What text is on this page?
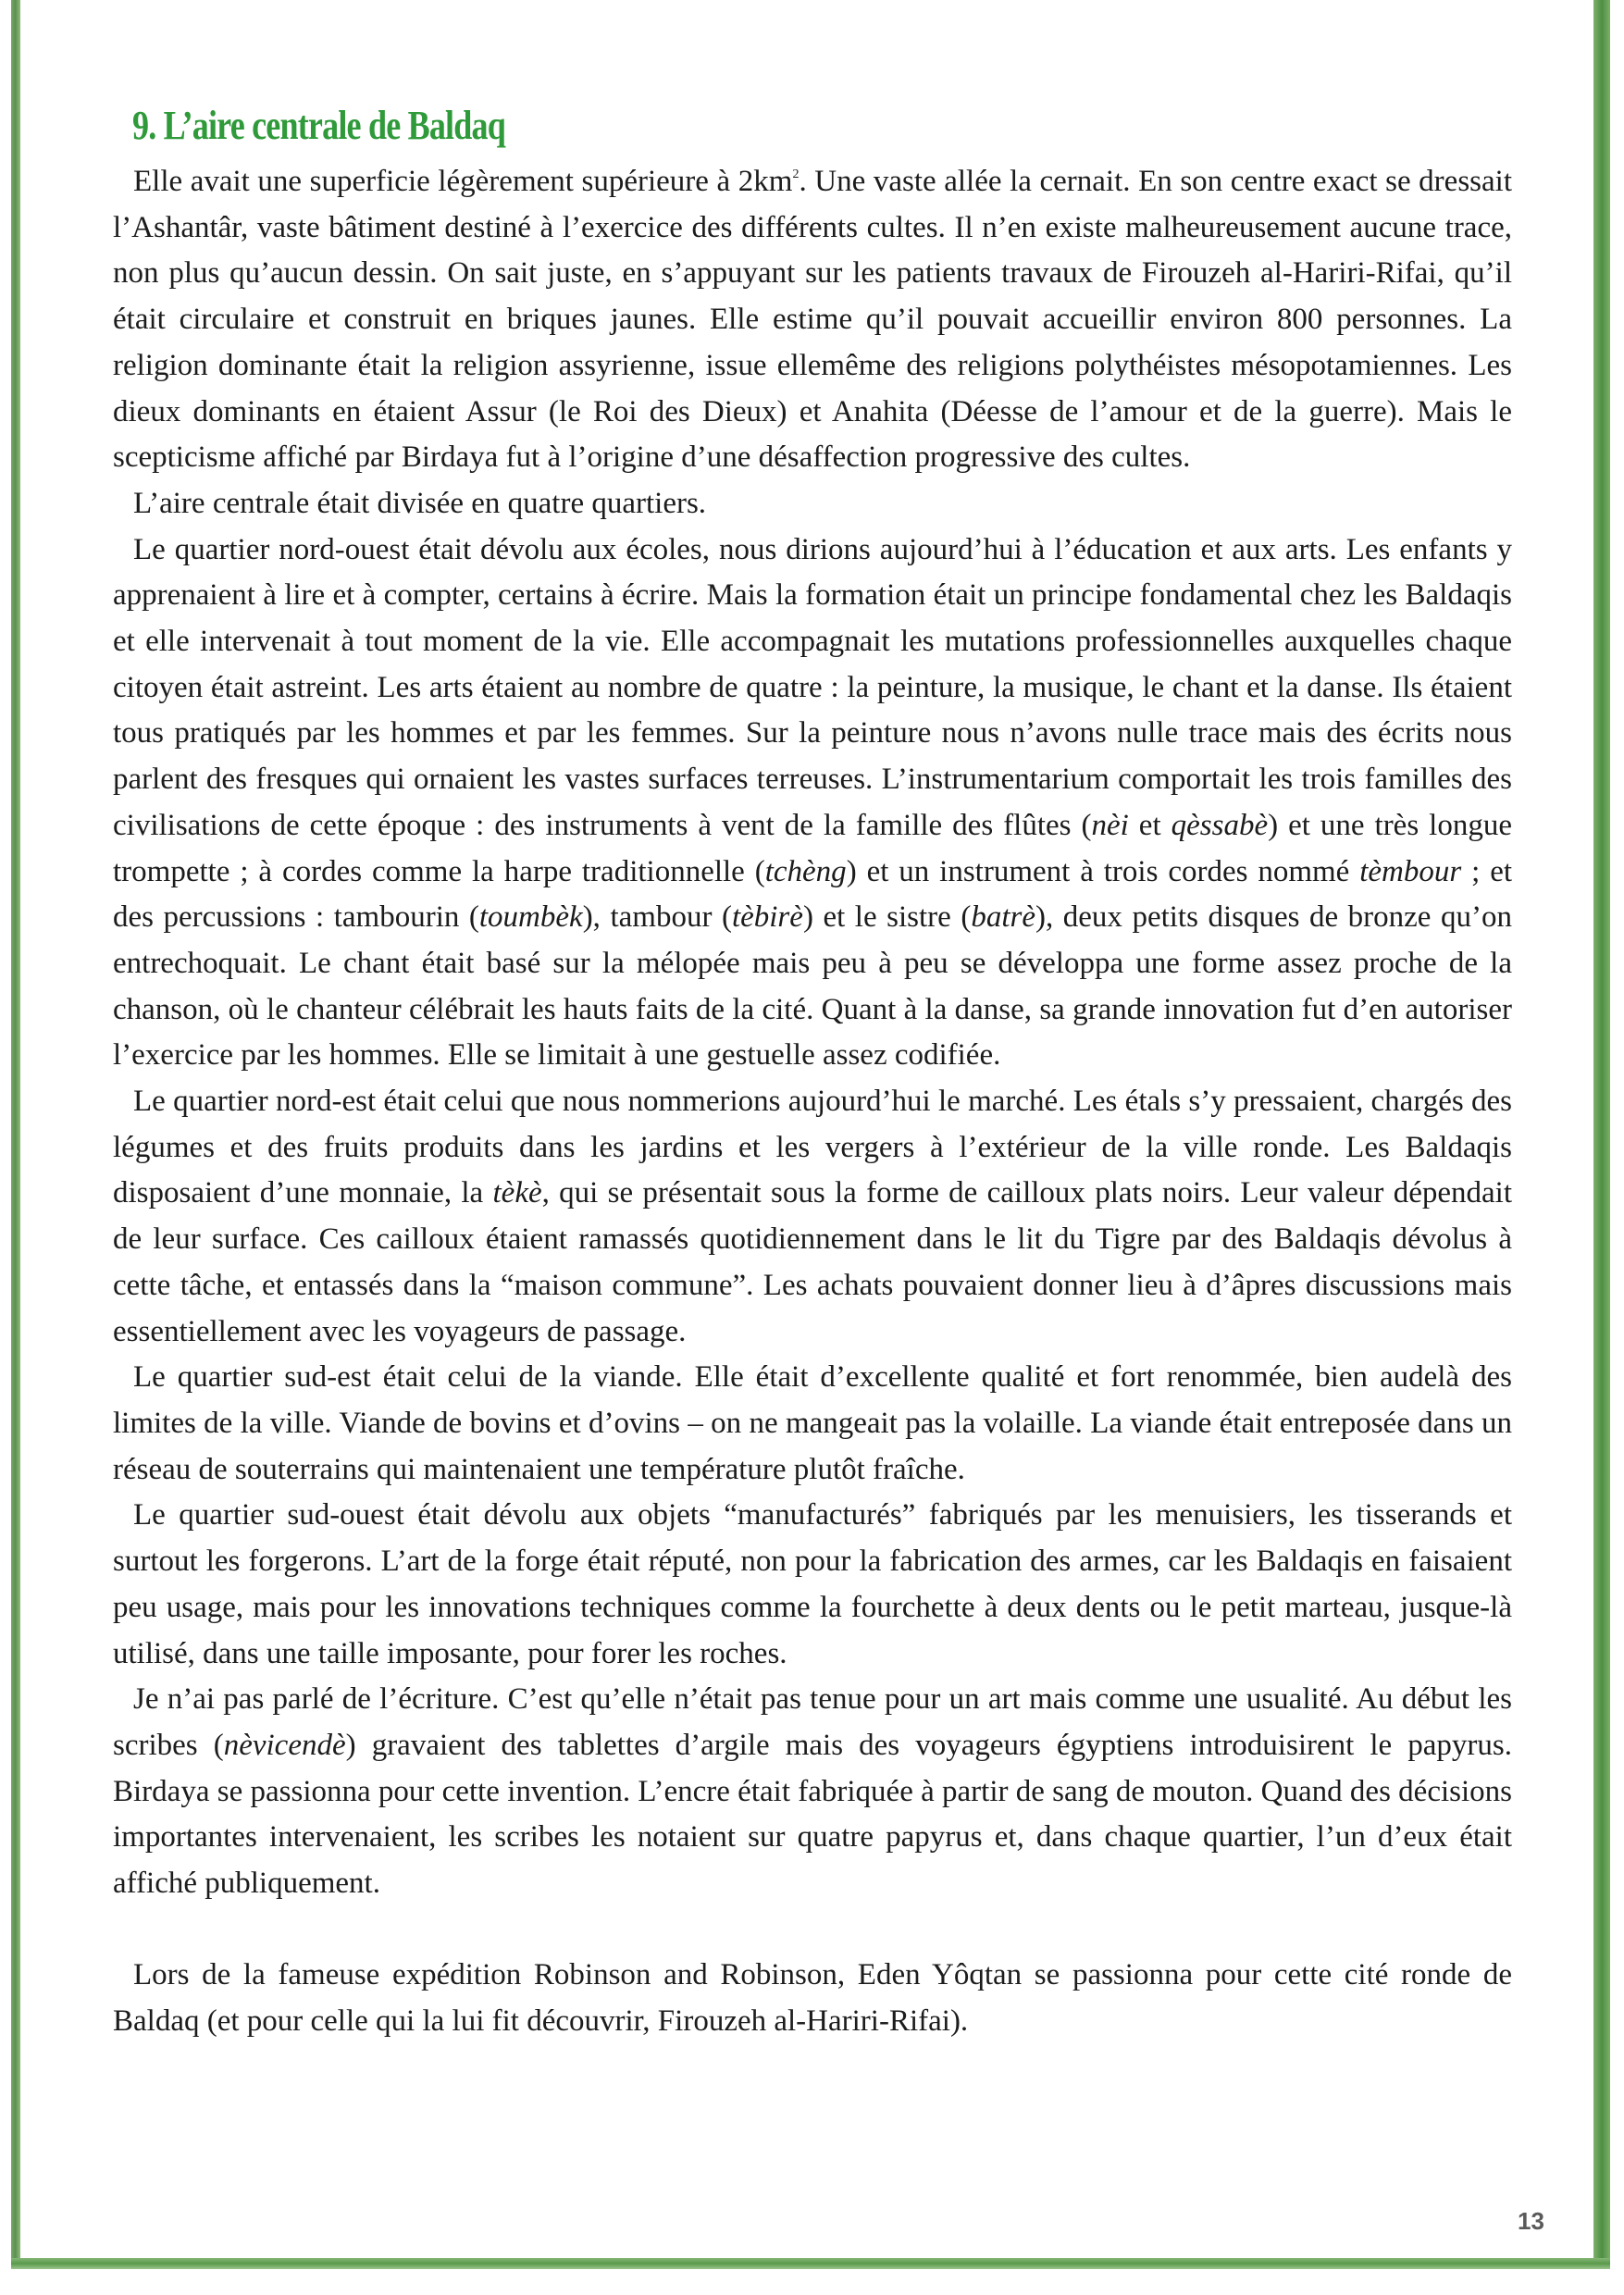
9. L’aire centrale de Baldaq

Elle avait une superficie légèrement supérieure à $2km^2$. Une vaste allée la cernait. En son centre exact se dressait l’Ashantâr, vaste bâtiment destiné à l’exercice des différents cultes. Il n’en existe malheureusement aucune trace, non plus qu’aucun dessin. On sait juste, en s’appuyant sur les patients travaux de Firouzeh al-Hariri-Rifai, qu’il était circulaire et construit en briques jaunes. Elle estime qu’il pouvait accueillir environ 800 personnes. La religion dominante était la religion assyrienne, issue ellemême des religions polythéistes mésopotamiennes. Les dieux dominants en étaient Assur (le Roi des Dieux) et Anahita (Déesse de l’amour et de la guerre). Mais le scepticisme affiché par Birdaya fut à l’origine d’une désaffection progressive des cultes.

L’aire centrale était divisée en quatre quartiers.

Le quartier nord-ouest était dévolu aux écoles, nous dirions aujourd’hui à l’éducation et aux arts. Les enfants y apprenaient à lire et à compter, certains à écrire. Mais la formation était un principe fondamental chez les Baldaqis et elle intervenait à tout moment de la vie. Elle accompagnait les mutations professionnelles auxquelles chaque citoyen était astreint. Les arts étaient au nombre de quatre : la peinture, la musique, le chant et la danse. Ils étaient tous pratiqués par les hommes et par les femmes. Sur la peinture nous n’avons nulle trace mais des écrits nous parlent des fresques qui ornaient les vastes surfaces terreuses. L’instrumentarium comportait les trois familles des civilisations de cette époque : des instruments à vent de la famille des flûtes (nèi et qèssabè) et une très longue trompette ; à cordes comme la harpe traditionnelle (tchèng) et un instrument à trois cordes nommé tèmbour ; et des percussions : tambourin (toumbèk), tambour (tèbirè) et le sistre (batrè), deux petits disques de bronze qu’on entrechoquait. Le chant était basé sur la mélopée mais peu à peu se développa une forme assez proche de la chanson, où le chanteur célébrait les hauts faits de la cité. Quant à la danse, sa grande innovation fut d’en autoriser l’exercice par les hommes. Elle se limitait à une gestuelle assez codifiée.

Le quartier nord-est était celui que nous nommerions aujourd’hui le marché. Les étals s’y pressaient, chargés des légumes et des fruits produits dans les jardins et les vergers à l’extérieur de la ville ronde. Les Baldaqis disposaient d’une monnaie, la tèkè, qui se présentait sous la forme de cailloux plats noirs. Leur valeur dépendait de leur surface. Ces cailloux étaient ramassés quotidiennement dans le lit du Tigre par des Baldaqis dévolus à cette tâche, et entassés dans la “maison commune”. Les achats pouvaient donner lieu à d’âpres discussions mais essentiellement avec les voyageurs de passage.

Le quartier sud-est était celui de la viande. Elle était d’excellente qualité et fort renommée, bien audelà des limites de la ville. Viande de bovins et d’ovins – on ne mangeait pas la volaille. La viande était entreposée dans un réseau de souterrains qui maintenaient une température plutôt fraîche.

Le quartier sud-ouest était dévolu aux objets “manufacturés” fabriqués par les menuisiers, les tisserands et surtout les forgerons. L’art de la forge était réputé, non pour la fabrication des armes, car les Baldaqis en faisaient peu usage, mais pour les innovations techniques comme la fourchette à deux dents ou le petit marteau, jusque-là utilisé, dans une taille imposante, pour forer les roches.

Je n’ai pas parlé de l’écriture. C’est qu’elle n’était pas tenue pour un art mais comme une usualité. Au début les scribes (nèvicendè) gravaient des tablettes d’argile mais des voyageurs égyptiens introduisirent le papyrus. Birdaya se passionna pour cette invention. L’encre était fabriquée à partir de sang de mouton. Quand des décisions importantes intervenaient, les scribes les notaient sur quatre papyrus et, dans chaque quartier, l’un d’eux était affiché publiquement.

Lors de la fameuse expédition Robinson and Robinson, Eden Yôqtan se passionna pour cette cité ronde de Baldaq (et pour celle qui la lui fit découvrir, Firouzeh al-Hariri-Rifai).

13
